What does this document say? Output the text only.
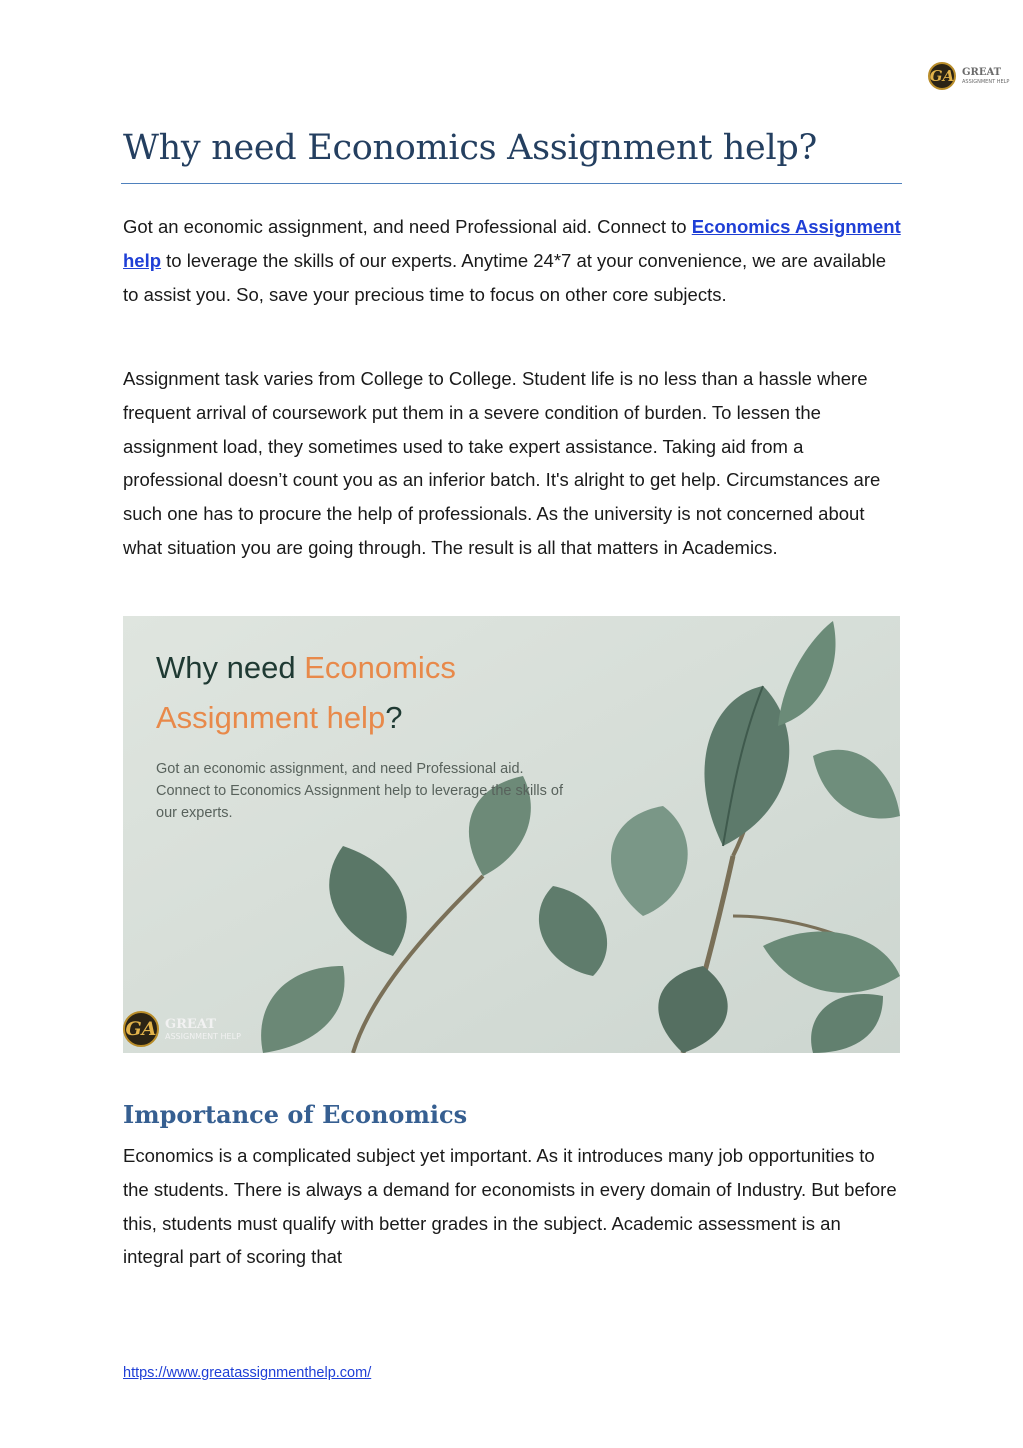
GA GREAT
ASSIGNMENT HELP
Why need Economics Assignment help?

Got an economic assignment, and need Professional aid. Connect to Economics Assignment help to leverage the skills of our experts. Anytime 24*7 at your convenience, we are available to assist you. So, save your precious time to focus on other core subjects.

Assignment task varies from College to College. Student life is no less than a hassle where frequent arrival of coursework put them in a severe condition of burden. To lessen the assignment load, they sometimes used to take expert assistance. Taking aid from a professional doesn’t count you as an inferior batch. It's alright to get help. Circumstances are such one has to procure the help of professionals. As the university is not concerned about what situation you are going through. The result is all that matters in Academics.

Why need Economics
Assignment help?
Got an economic assignment, and need Professional aid. Connect to Economics Assignment help to leverage the skills of our experts.
GA GREAT
ASSIGNMENT HELP
Importance of Economics

Economics is a complicated subject yet important. As it introduces many job opportunities to the students. There is always a demand for economists in every domain of Industry. But before this, students must qualify with better grades in the subject. Academic assessment is an integral part of scoring that

https://www.greatassignmenthelp.com/
